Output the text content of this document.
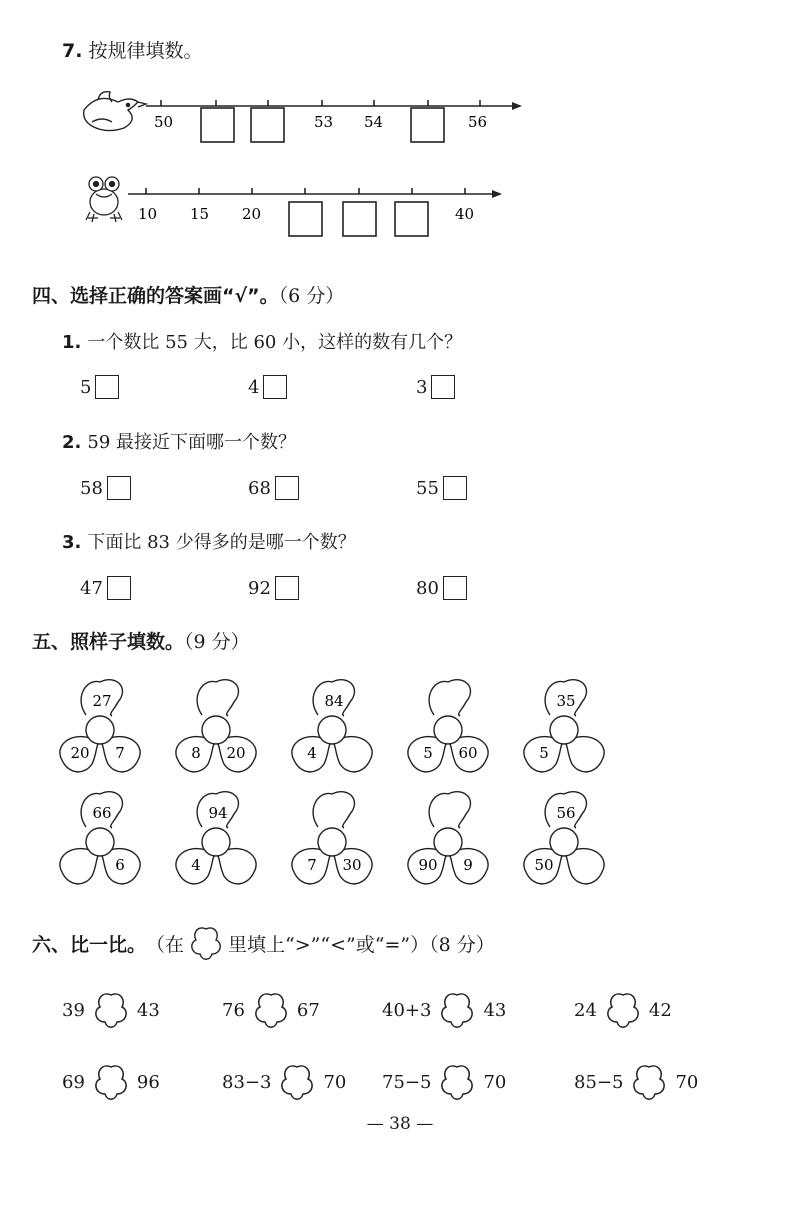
7. 按规律填数。
50	53 54	56
10 15 20	40
四、选择正确的答案画“√”。（6 分）
1. 一个数比 55 大，比 60 小，这样的数有几个？
5	4	3
2. 59 最接近下面哪一个数？
58	68	55
3. 下面比 83 少得多的是哪一个数？
47	92	80
五、照样子填数。（9 分）
27
20 7	8 20
84
4	5 60
35
5
66
6
94
4	7 30	90 9
56
50
六、比一比。 （在 里填上“>”“<”或“=”）（8 分）
39	43	76	67	40+3	43	24	42
69	96	83−3	70 75−5	70	85−5	70
— 38 —
